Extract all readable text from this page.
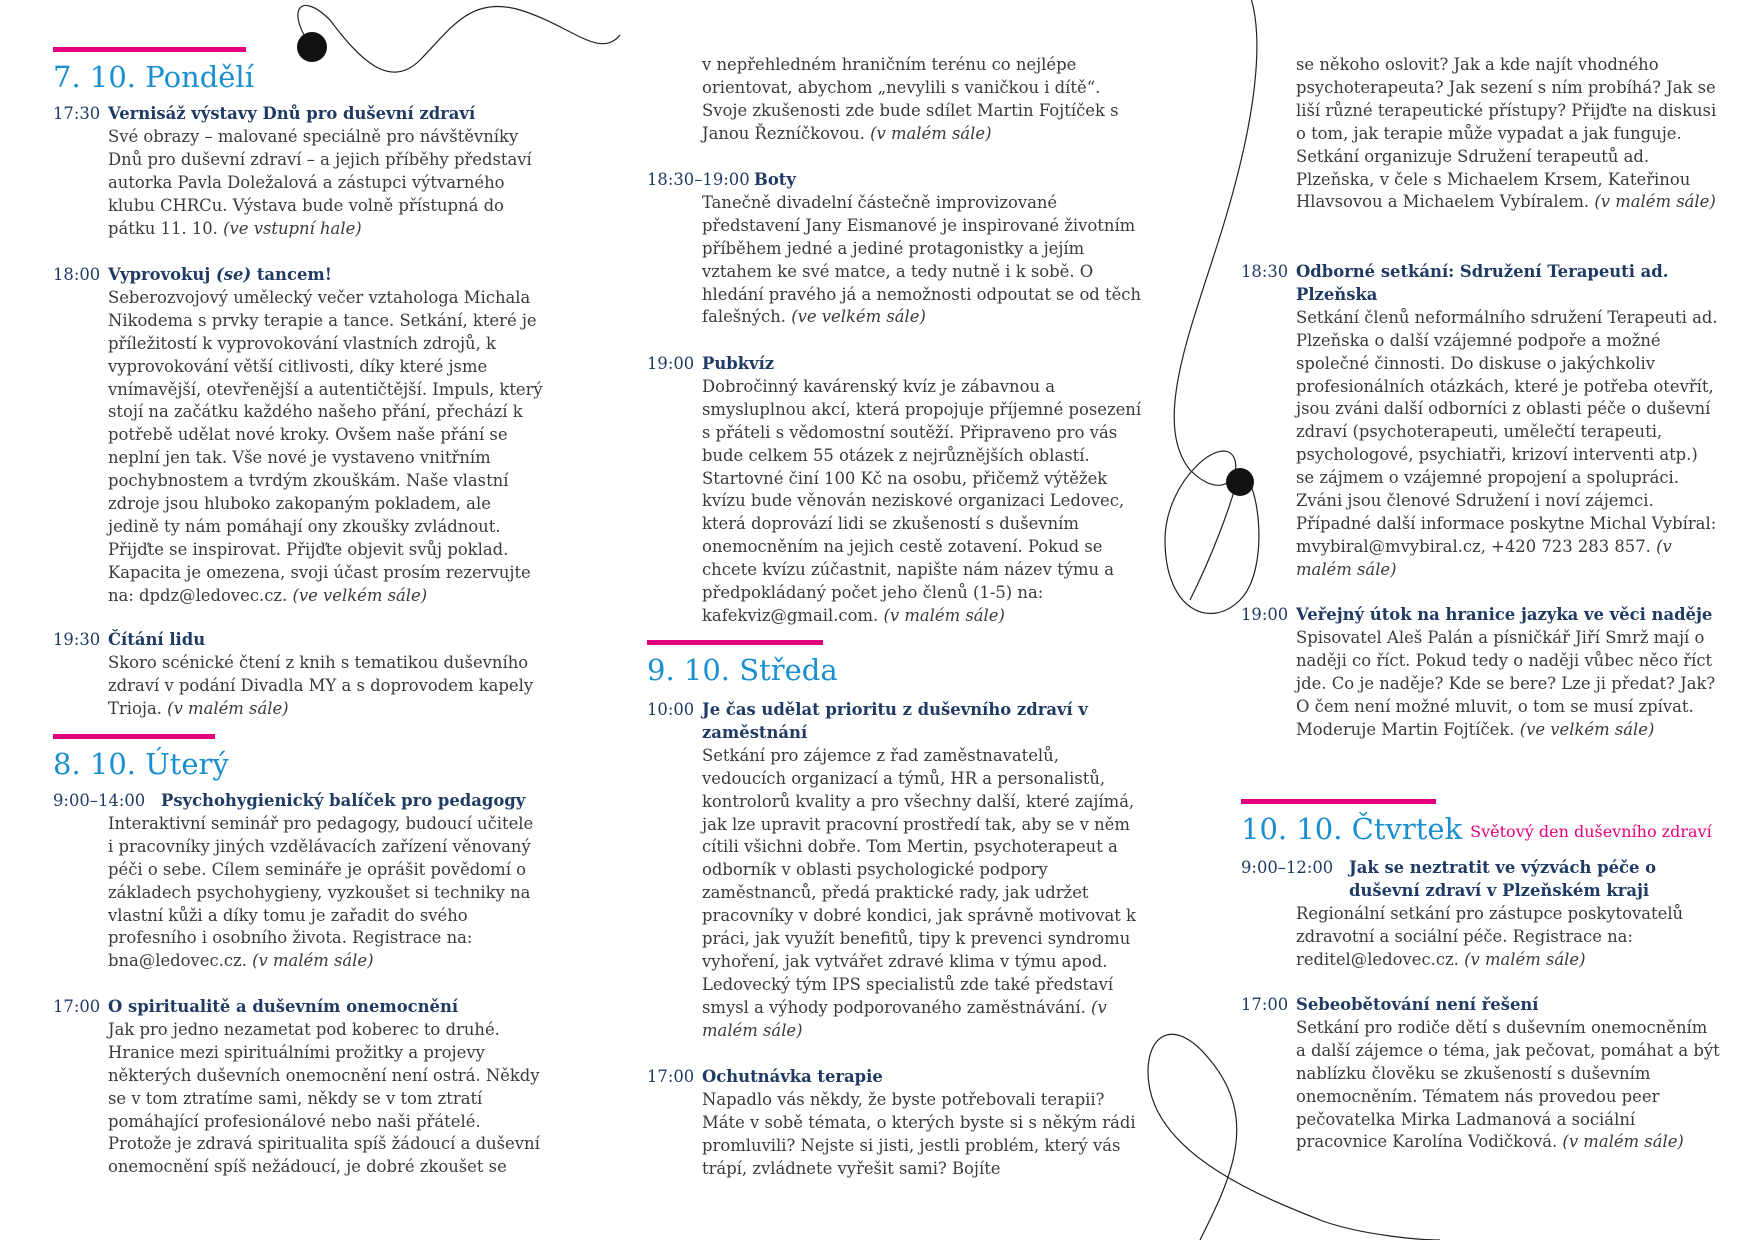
7. 10. Pondělí
17:30 Vernisáž výstavy Dnů pro duševní zdraví
Své obrazy – malované speciálně pro návštěvníky Dnů pro duševní zdraví – a jejich příběhy představí autorka Pavla Doležalová a zástupci výtvarného klubu CHRCu. Výstava bude volně přístupná do pátku 11. 10. (ve vstupní hale)
18:00 Vyprovokuj (se) tancem!
Seberozvojový umělecký večer vztahologa Michala Nikodema s prvky terapie a tance. Setkání, které je příležitostí k vyprovokování vlastních zdrojů, k vyprovokování větší citlivosti, díky které jsme vnímavější, otevřenější a autentičtější. Impuls, který stojí na začátku každého našeho přání, přechází k potřebě udělat nové kroky. Ovšem naše přání se neplní jen tak. Vše nové je vystaveno vnitřním pochybnostem a tvrdým zkouškám. Naše vlastní zdroje jsou hluboko zakopaným pokladem, ale jedině ty nám pomáhají ony zkoušky zvládnout. Přijďte se inspirovat. Přijďte objevit svůj poklad. Kapacita je omezena, svoji účast prosím rezervujte na: dpdz@ledovec.cz. (ve velkém sále)
19:30 Čítání lidu
Skoro scénické čtení z knih s tematikou duševního zdraví v podání Divadla MY a s doprovodem kapely Trioja. (v malém sále)
8. 10. Úterý
9:00–14:00 Psychohygienický balíček pro pedagogy
Interaktivní seminář pro pedagogy, budoucí učitele i pracovníky jiných vzdělávacích zařízení věnovaný péči o sebe. Cílem semináře je oprášit povědomí o základech psychohygieny, vyzkoušet si techniky na vlastní kůži a díky tomu je zařadit do svého profesního i osobního života. Registrace na: bna@ledovec.cz. (v malém sále)
17:00 O spiritualitě a duševním onemocnění
Jak pro jedno nezametat pod koberec to druhé. Hranice mezi spirituálními prožitky a projevy některých duševních onemocnění není ostrá. Někdy se v tom ztratíme sami, někdy se v tom ztratí pomáhající profesionálové nebo naši přátelé. Protože je zdravá spiritualita spíš žádoucí a duševní onemocnění spíš nežádoucí, je dobré zkoušet se
v nepřehledném hraničním terénu co nejlépe orientovat, abychom „nevylili s vaničkou i dítě“. Svoje zkušenosti zde bude sdílet Martin Fojtíček s Janou Řezníčkovou. (v malém sále)
18:30–19:00 Boty
Tanečně divadelní částečně improvizované představení Jany Eismanové je inspirované životním příběhem jedné a jediné protagonistky a jejím vztahem ke své matce, a tedy nutně i k sobě. O hledání pravého já a nemožnosti odpoutat se od těch falešných. (ve velkém sále)
19:00 Pubkvíz
Dobročinný kavárenský kvíz je zábavnou a smysluplnou akcí, která propojuje příjemné posezení s přáteli s vědomostní soutěží. Připraveno pro vás bude celkem 55 otázek z nejrůznějších oblastí. Startovné činí 100 Kč na osobu, přičemž výtěžek kvízu bude věnován neziskové organizaci Ledovec, která doprovází lidi se zkušeností s duševním onemocněním na jejich cestě zotavení. Pokud se chcete kvízu zúčastnit, napište nám název týmu a předpokládaný počet jeho členů (1-5) na: kafekviz@gmail.com. (v malém sále)
9. 10. Středa
10:00 Je čas udělat prioritu z duševního zdraví v zaměstnání
Setkání pro zájemce z řad zaměstnavatelů, vedoucích organizací a týmů, HR a personalistů, kontrolorů kvality a pro všechny další, které zajímá, jak lze upravit pracovní prostředí tak, aby se v něm cítili všichni dobře. Tom Mertin, psychoterapeut a odborník v oblasti psychologické podpory zaměstnanců, předá praktické rady, jak udržet pracovníky v dobré kondici, jak správně motivovat k práci, jak využít benefitů, tipy k prevenci syndromu vyhoření, jak vytvářet zdravé klima v týmu apod. Ledovecký tým IPS specialistů zde také představí smysl a výhody podporovaného zaměstnávání. (v malém sále)
17:00 Ochutnávka terapie
Napadlo vás někdy, že byste potřebovali terapii? Máte v sobě témata, o kterých byste si s někým rádi promluvili? Nejste si jisti, jestli problém, který vás trápí, zvládnete vyřešit sami? Bojíte
se někoho oslovit? Jak a kde najít vhodného psychoterapeuta? Jak sezení s ním probíhá? Jak se liší různé terapeutické přístupy? Přijďte na diskusi o tom, jak terapie může vypadat a jak funguje. Setkání organizuje Sdružení terapeutů ad. Plzeňska, v čele s Michaelem Krsem, Kateřinou Hlavsovou a Michaelem Vybíralem. (v malém sále)
18:30 Odborné setkání: Sdružení Terapeuti ad. Plzeňska
Setkání členů neformálního sdružení Terapeuti ad. Plzeňska o další vzájemné podpoře a možné společné činnosti. Do diskuse o jakýchkoliv profesionálních otázkách, které je potřeba otevřít, jsou zváni další odborníci z oblasti péče o duševní zdraví (psychoterapeuti, umělečtí terapeuti, psychologové, psychiatři, krizoví interventi atp.) se zájmem o vzájemné propojení a spolupráci. Zváni jsou členové Sdružení i noví zájemci. Případné další informace poskytne Michal Vybíral: mvybiral@mvybiral.cz, +420 723 283 857. (v malém sále)
19:00 Veřejný útok na hranice jazyka ve věci naděje
Spisovatel Aleš Palán a písničkář Jiří Smrž mají o naději co říct. Pokud tedy o naději vůbec něco říct jde. Co je naděje? Kde se bere? Lze ji předat? Jak? O čem není možné mluvit, o tom se musí zpívat. Moderuje Martin Fojtíček. (ve velkém sále)
10. 10. Čtvrtek Světový den duševního zdraví
9:00–12:00 Jak se neztratit ve výzvách péče o duševní zdraví v Plzeňském kraji
Regionální setkání pro zástupce poskytovatelů zdravotní a sociální péče. Registrace na: reditel@ledovec.cz. (v malém sále)
17:00 Sebeobětování není řešení
Setkání pro rodiče dětí s duševním onemocněním a další zájemce o téma, jak pečovat, pomáhat a být nablízku člověku se zkušeností s duševním onemocněním. Tématem nás provedou peer pečovatelka Mirka Ladmanová a sociální pracovnice Karolína Vodičková. (v malém sále)
